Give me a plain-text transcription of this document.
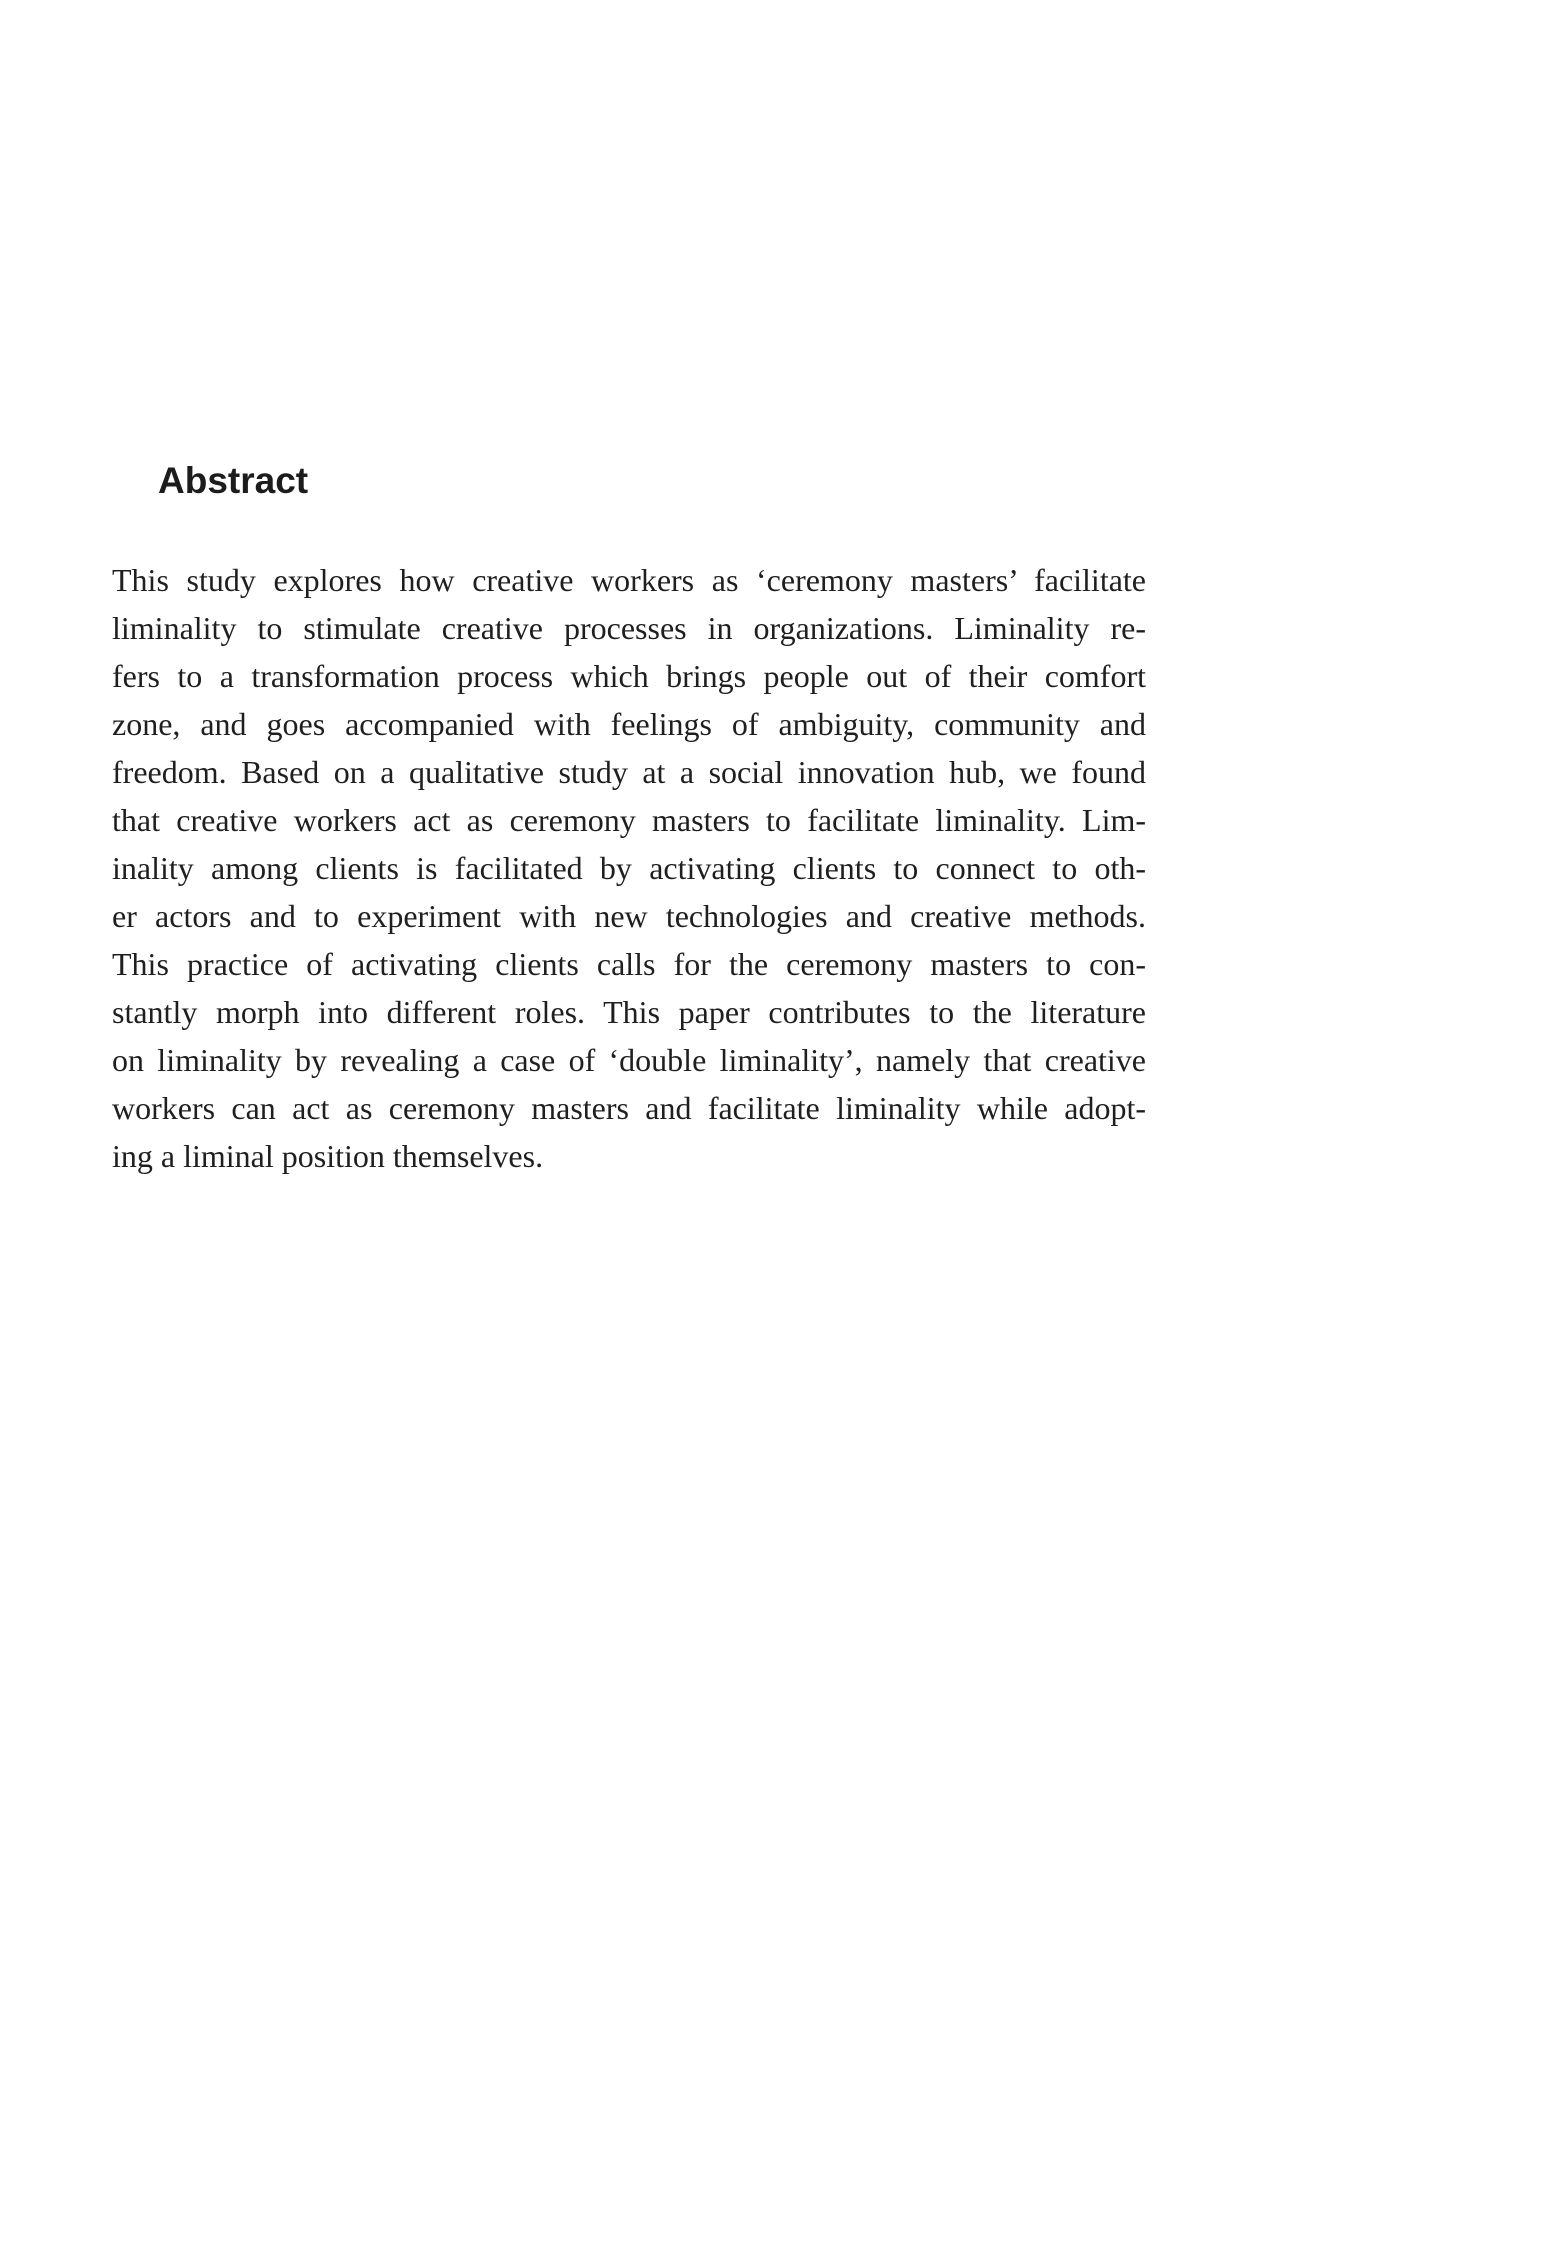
Abstract
This study explores how creative workers as ‘ceremony masters’ facilitate
liminality to stimulate creative processes in organizations. Liminality re-
fers to a transformation process which brings people out of their comfort
zone, and goes accompanied with feelings of ambiguity, community and
freedom. Based on a qualitative study at a social innovation hub, we found
that creative workers act as ceremony masters to facilitate liminality. Lim-
inality among clients is facilitated by activating clients to connect to oth-
er actors and to experiment with new technologies and creative methods.
This practice of activating clients calls for the ceremony masters to con-
stantly morph into different roles. This paper contributes to the literature
on liminality by revealing a case of ‘double liminality’, namely that creative
workers can act as ceremony masters and facilitate liminality while adopt-
ing a liminal position themselves.
